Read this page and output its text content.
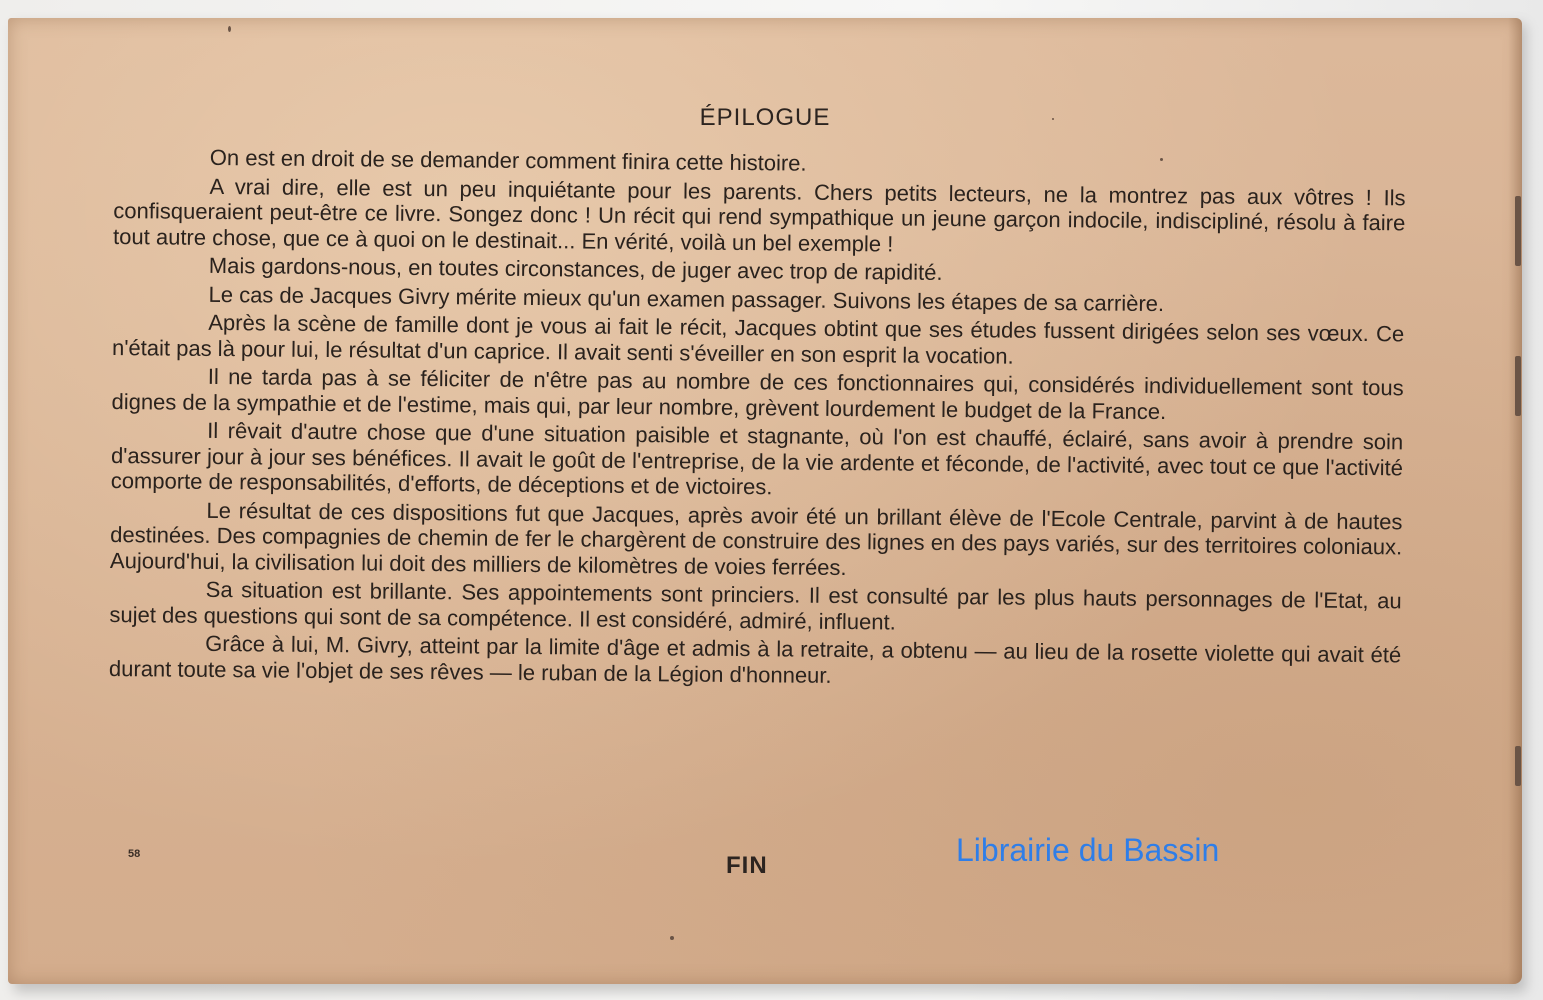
ÉPILOGUE

On est en droit de se demander comment finira cette histoire.

A vrai dire, elle est un peu inquiétante pour les parents. Chers petits lecteurs, ne la montrez pas aux vôtres ! Ils confisqueraient peut-être ce livre. Songez donc ! Un récit qui rend sympathique un jeune garçon indocile, indiscipliné, résolu à faire tout autre chose, que ce à quoi on le destinait... En vérité, voilà un bel exemple !

Mais gardons-nous, en toutes circonstances, de juger avec trop de rapidité.

Le cas de Jacques Givry mérite mieux qu'un examen passager. Suivons les étapes de sa carrière.

Après la scène de famille dont je vous ai fait le récit, Jacques obtint que ses études fussent dirigées selon ses vœux. Ce n'était pas là pour lui, le résultat d'un caprice. Il avait senti s'éveiller en son esprit la vocation.

Il ne tarda pas à se féliciter de n'être pas au nombre de ces fonctionnaires qui, considérés individuellement sont tous dignes de la sympathie et de l'estime, mais qui, par leur nombre, grèvent lourdement le budget de la France.

Il rêvait d'autre chose que d'une situation paisible et stagnante, où l'on est chauffé, éclairé, sans avoir à prendre soin d'assurer jour à jour ses bénéfices. Il avait le goût de l'entreprise, de la vie ardente et féconde, de l'activité, avec tout ce que l'activité comporte de responsabilités, d'efforts, de déceptions et de victoires.

Le résultat de ces dispositions fut que Jacques, après avoir été un brillant élève de l'Ecole Centrale, parvint à de hautes destinées. Des compagnies de chemin de fer le chargèrent de construire des lignes en des pays variés, sur des territoires coloniaux. Aujourd'hui, la civilisation lui doit des milliers de kilomètres de voies ferrées.

Sa situation est brillante. Ses appointements sont princiers. Il est consulté par les plus hauts personnages de l'Etat, au sujet des questions qui sont de sa compétence. Il est considéré, admiré, influent.

Grâce à lui, M. Givry, atteint par la limite d'âge et admis à la retraite, a obtenu — au lieu de la rosette violette qui avait été durant toute sa vie l'objet de ses rêves — le ruban de la Légion d'honneur.

58	FIN	Librairie du Bassin
